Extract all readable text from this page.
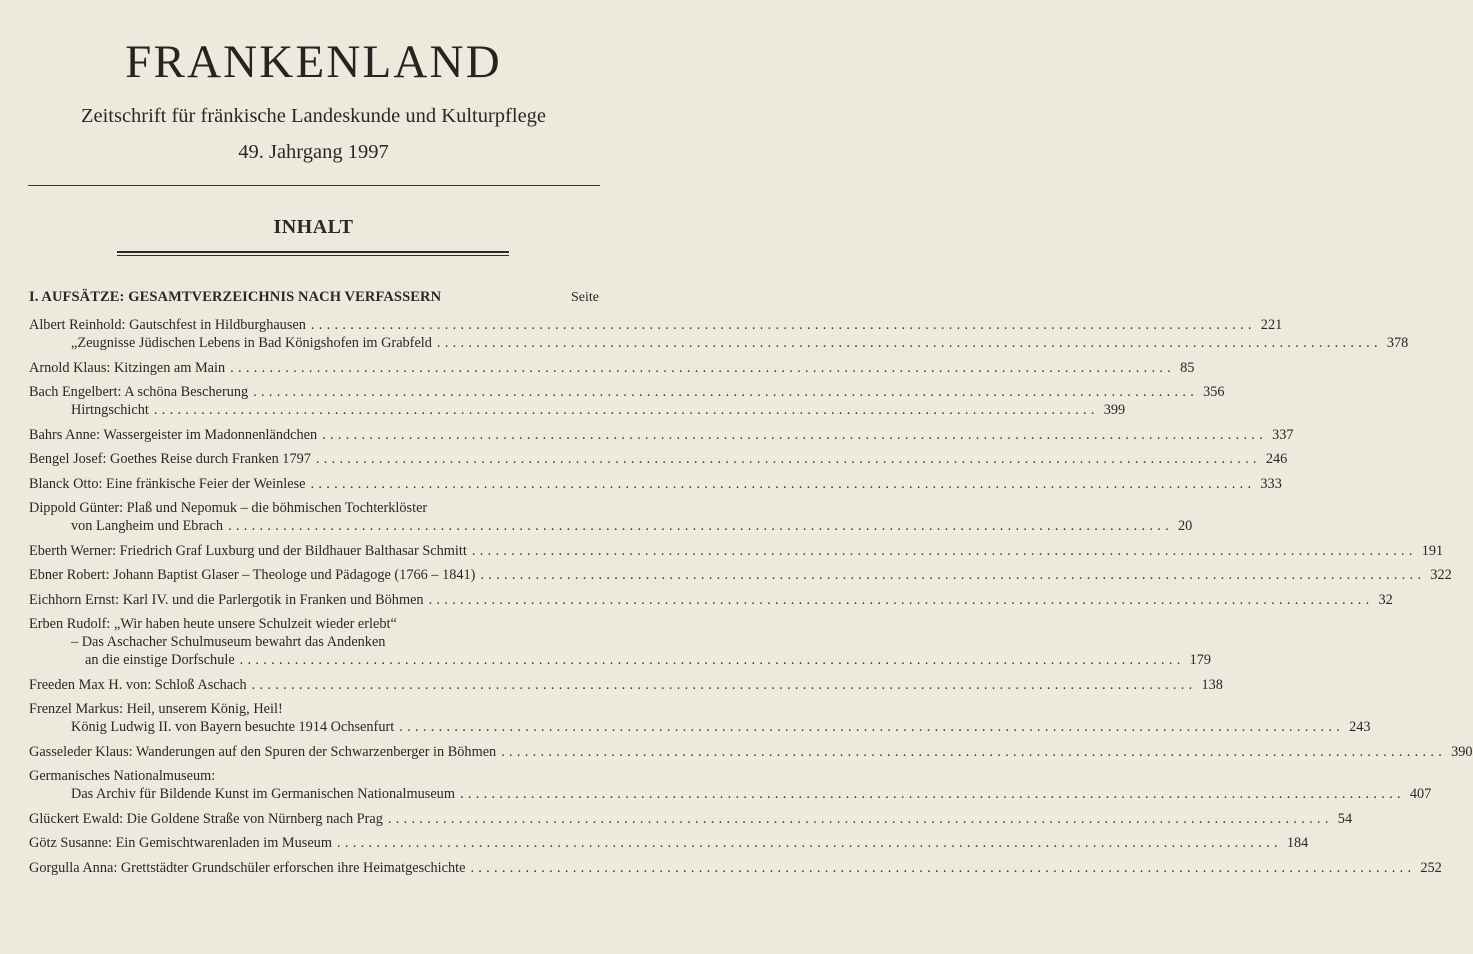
FRANKENLAND
Zeitschrift für fränkische Landeskunde und Kulturpflege
49. Jahrgang 1997
INHALT
I. AUFSÄTZE: GESAMTVERZEICHNIS NACH VERFASSERN	Seite
Albert Reinhold: Gautschfest in Hildburghausen ........................................................................................................................ 221
„Zeugnisse Jüdischen Lebens in Bad Königshofen im Grabfeld ........................................................................................................................ 378
Arnold Klaus: Kitzingen am Main ........................................................................................................................ 85
Bach Engelbert: A schöna Bescherung ........................................................................................................................ 356
Hirtngschicht ........................................................................................................................ 399
Bahrs Anne: Wassergeister im Madonnenländchen ........................................................................................................................ 337
Bengel Josef: Goethes Reise durch Franken 1797 ........................................................................................................................ 246
Blanck Otto: Eine fränkische Feier der Weinlese ........................................................................................................................ 333
Dippold Günter: Plaß und Nepomuk – die böhmischen Tochterklöster
von Langheim und Ebrach ........................................................................................................................ 20
Eberth Werner: Friedrich Graf Luxburg und der Bildhauer Balthasar Schmitt ........................................................................................................................ 191
Ebner Robert: Johann Baptist Glaser – Theologe und Pädagoge (1766 – 1841) ........................................................................................................................ 322
Eichhorn Ernst: Karl IV. und die Parlergotik in Franken und Böhmen ........................................................................................................................ 32
Erben Rudolf: „Wir haben heute unsere Schulzeit wieder erlebt“
– Das Aschacher Schulmuseum bewahrt das Andenken
an die einstige Dorfschule ........................................................................................................................ 179
Freeden Max H. von: Schloß Aschach ........................................................................................................................ 138
Frenzel Markus: Heil, unserem König, Heil!
König Ludwig II. von Bayern besuchte 1914 Ochsenfurt ........................................................................................................................ 243
Gasseleder Klaus: Wanderungen auf den Spuren der Schwarzenberger in Böhmen ........................................................................................................................ 390
Germanisches Nationalmuseum:
Das Archiv für Bildende Kunst im Germanischen Nationalmuseum ........................................................................................................................ 407
Glückert Ewald: Die Goldene Straße von Nürnberg nach Prag ........................................................................................................................ 54
Götz Susanne: Ein Gemischtwarenladen im Museum ........................................................................................................................ 184
Gorgulla Anna: Grettstädter Grundschüler erforschen ihre Heimatgeschichte ........................................................................................................................ 252
